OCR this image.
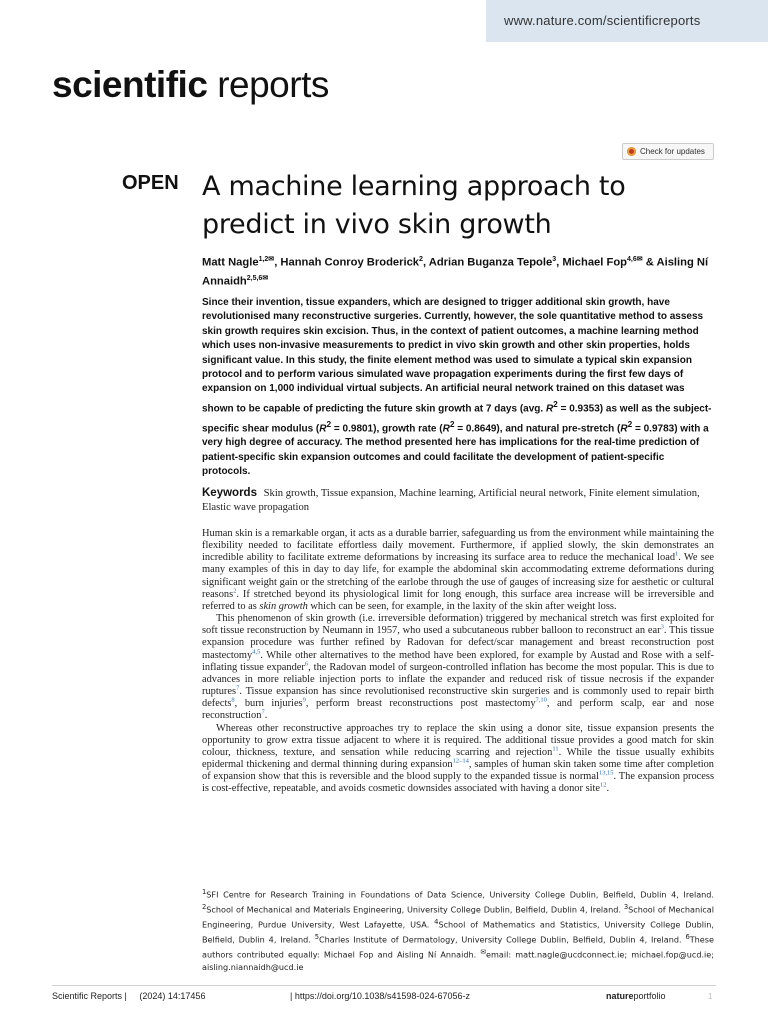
www.nature.com/scientificreports
scientific reports
Check for updates
OPEN A machine learning approach to predict in vivo skin growth
Matt Nagle$^{1,2✉}$, Hannah Conroy Broderick$^2$, Adrian Buganza Tepole$^3$, Michael Fop$^{4,6✉}$ & Aisling Ní Annaidh$^{2,5,6✉}$

Since their invention, tissue expanders, which are designed to trigger additional skin growth, have revolutionised many reconstructive surgeries. Currently, however, the sole quantitative method to assess skin growth requires skin excision. Thus, in the context of patient outcomes, a machine learning method which uses non-invasive measurements to predict in vivo skin growth and other skin properties, holds significant value. In this study, the finite element method was used to simulate a typical skin expansion protocol and to perform various simulated wave propagation experiments during the first few days of expansion on 1,000 individual virtual subjects. An artificial neural network trained on this dataset was shown to be capable of predicting the future skin growth at 7 days (avg. $R^2 = 0.9353$) as well as the subject-specific shear modulus $(R^2 = 0.9801)$, growth rate $(R^2 = 0.8649)$, and natural pre-stretch $(R^2 = 0.9783)$ with a very high degree of accuracy. The method presented here has implications for the real-time prediction of patient-specific skin expansion outcomes and could facilitate the development of patient-specific protocols.

Keywords Skin growth, Tissue expansion, Machine learning, Artificial neural network, Finite element simulation, Elastic wave propagation

Human skin is a remarkable organ, it acts as a durable barrier, safeguarding us from the environment while maintaining the flexibility needed to facilitate effortless daily movement. Furthermore, if applied slowly, the skin demonstrates an incredible ability to facilitate extreme deformations by increasing its surface area to reduce the mechanical load$^1$. We see many examples of this in day to day life, for example the abdominal skin accommodating extreme deformations during significant weight gain or the stretching of the earlobe through the use of gauges of increasing size for aesthetic or cultural reasons$^2$. If stretched beyond its physiological limit for long enough, this surface area increase will be irreversible and referred to as skin growth which can be seen, for example, in the laxity of the skin after weight loss.

This phenomenon of skin growth (i.e. irreversible deformation) triggered by mechanical stretch was first exploited for soft tissue reconstruction by Neumann in 1957, who used a subcutaneous rubber balloon to reconstruct an ear$^3$. This tissue expansion procedure was further refined by Radovan for defect/scar management and breast reconstruction post mastectomy$^{4,5}$. While other alternatives to the method have been explored, for example by Austad and Rose with a self-inflating tissue expander$^6$, the Radovan model of surgeon-controlled inflation has become the most popular. This is due to advances in more reliable injection ports to inflate the expander and reduced risk of tissue necrosis if the expander ruptures$^7$. Tissue expansion has since revolutionised reconstructive skin surgeries and is commonly used to repair birth defects$^8$, burn injuries$^9$, perform breast reconstructions post mastectomy$^{7,10}$, and perform scalp, ear and nose reconstruction$^7$.

Whereas other reconstructive approaches try to replace the skin using a donor site, tissue expansion presents the opportunity to grow extra tissue adjacent to where it is required. The additional tissue provides a good match for skin colour, thickness, texture, and sensation while reducing scarring and rejection$^{11}$. While the tissue usually exhibits epidermal thickening and dermal thinning during expansion$^{12-14}$, samples of human skin taken some time after completion of expansion show that this is reversible and the blood supply to the expanded tissue is normal$^{13,15}$. The expansion process is cost-effective, repeatable, and avoids cosmetic downsides associated with having a donor site$^{12}$.

$^1$SFI Centre for Research Training in Foundations of Data Science, University College Dublin, Belfield, Dublin 4, Ireland. $^2$School of Mechanical and Materials Engineering, University College Dublin, Belfield, Dublin 4, Ireland. $^3$School of Mechanical Engineering, Purdue University, West Lafayette, USA. $^4$School of Mathematics and Statistics, University College Dublin, Belfield, Dublin 4, Ireland. $^5$Charles Institute of Dermatology, University College Dublin, Belfield, Dublin 4, Ireland. $^6$These authors contributed equally: Michael Fop and Aisling Ní Annaidh. ✉email: matt.nagle@ucdconnect.ie; michael.fop@ucd.ie; aisling.niannaidh@ucd.ie
Scientific Reports | (2024) 14:17456	| https://doi.org/10.1038/s41598-024-67056-z	natureportfolio	1
